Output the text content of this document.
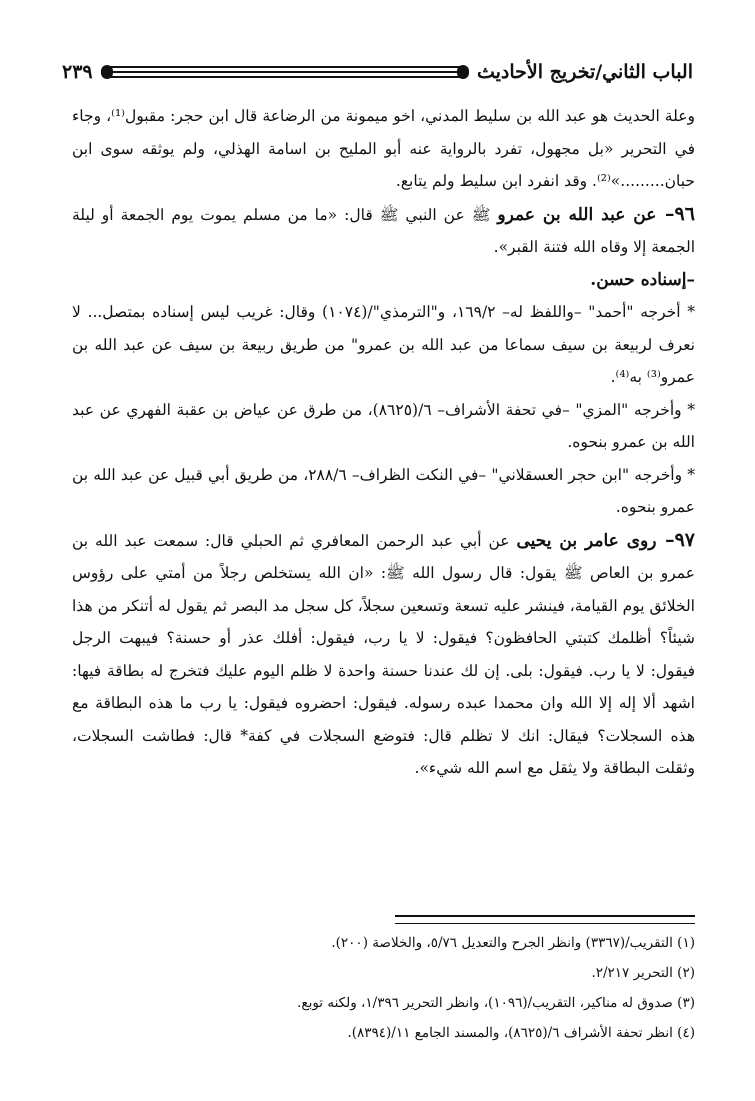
الباب الثاني/تخريج الأحاديث
٢٣٩

وعلة الحديث هو عبد الله بن سليط المدني، اخو ميمونة من الرضاعة قال ابن حجر: مقبول⁽¹⁾، وجاء في التحرير «بل مجهول، تفرد بالرواية عنه أبو المليح بن اسامة الهذلي، ولم يوثقه سوى ابن حبان.........»⁽²⁾. وقد انفرد ابن سليط ولم يتابع.

٩٦– عن عبد الله بن عمرو ﷺ عن النبي ﷺ قال: «ما من مسلم يموت يوم الجمعة أو ليلة الجمعة إلا وقاه الله فتنة القبر».

–إسناده حسن.

* أخرجه "أحمد" –واللفظ له– ١٦٩/٢، و"الترمذي"/(١٠٧٤) وقال: غريب ليس إسناده بمتصل... لا نعرف لربيعة بن سيف سماعا من عبد الله بن عمرو" من طريق ربيعة بن سيف عن عبد الله بن عمرو⁽³⁾ به⁽⁴⁾.

* وأخرجه "المزي" –في تحفة الأشراف– ٦/(٨٦٢٥)، من طرق عن عياض بن عقبة الفهري عن عبد الله بن عمرو بنحوه.

* وأخرجه "ابن حجر العسقلاني" –في النكت الظراف– ٢٨٨/٦، من طريق أبي قبيل عن عبد الله بن عمرو بنحوه.

٩٧– روى عامر بن يحيى عن أبي عبد الرحمن المعافري ثم الحبلي قال: سمعت عبد الله بن عمرو بن العاص ﷺ يقول: قال رسول الله ﷺ: «ان الله يستخلص رجلاً من أمتي على رؤوس الخلائق يوم القيامة، فينشر عليه تسعة وتسعين سجلاً، كل سجل مد البصر ثم يقول له أتنكر من هذا شيئاً؟ أظلمك كتبتي الحافظون؟ فيقول: لا يا رب، فيقول: أفلك عذر أو حسنة؟ فيبهت الرجل فيقول: لا يا رب. فيقول: بلى. إن لك عندنا حسنة واحدة لا ظلم اليوم عليك فتخرج له بطاقة فيها: اشهد ألا إله إلا الله وان محمدا عبده رسوله. فيقول: احضروه فيقول: يا رب ما هذه البطاقة مع هذه السجلات؟ فيقال: انك لا تظلم قال: فتوضع السجلات في كفة* قال: فطاشت السجلات، وثقلت البطاقة ولا يثقل مع اسم الله شيء».

(١) التقريب/(٣٣٦٧) وانظر الجرح والتعديل ٥/٧٦، والخلاصة (٢٠٠).
(٢) التحرير ٢/٢١٧.
(٣) صدوق له مناكير، التقريب/(١٠٩٦)، وانظر التحرير ١/٣٩٦، ولكنه توبع.
(٤) انظر تحفة الأشراف ٦/(٨٦٢٥)، والمسند الجامع ١١/(٨٣٩٤).
